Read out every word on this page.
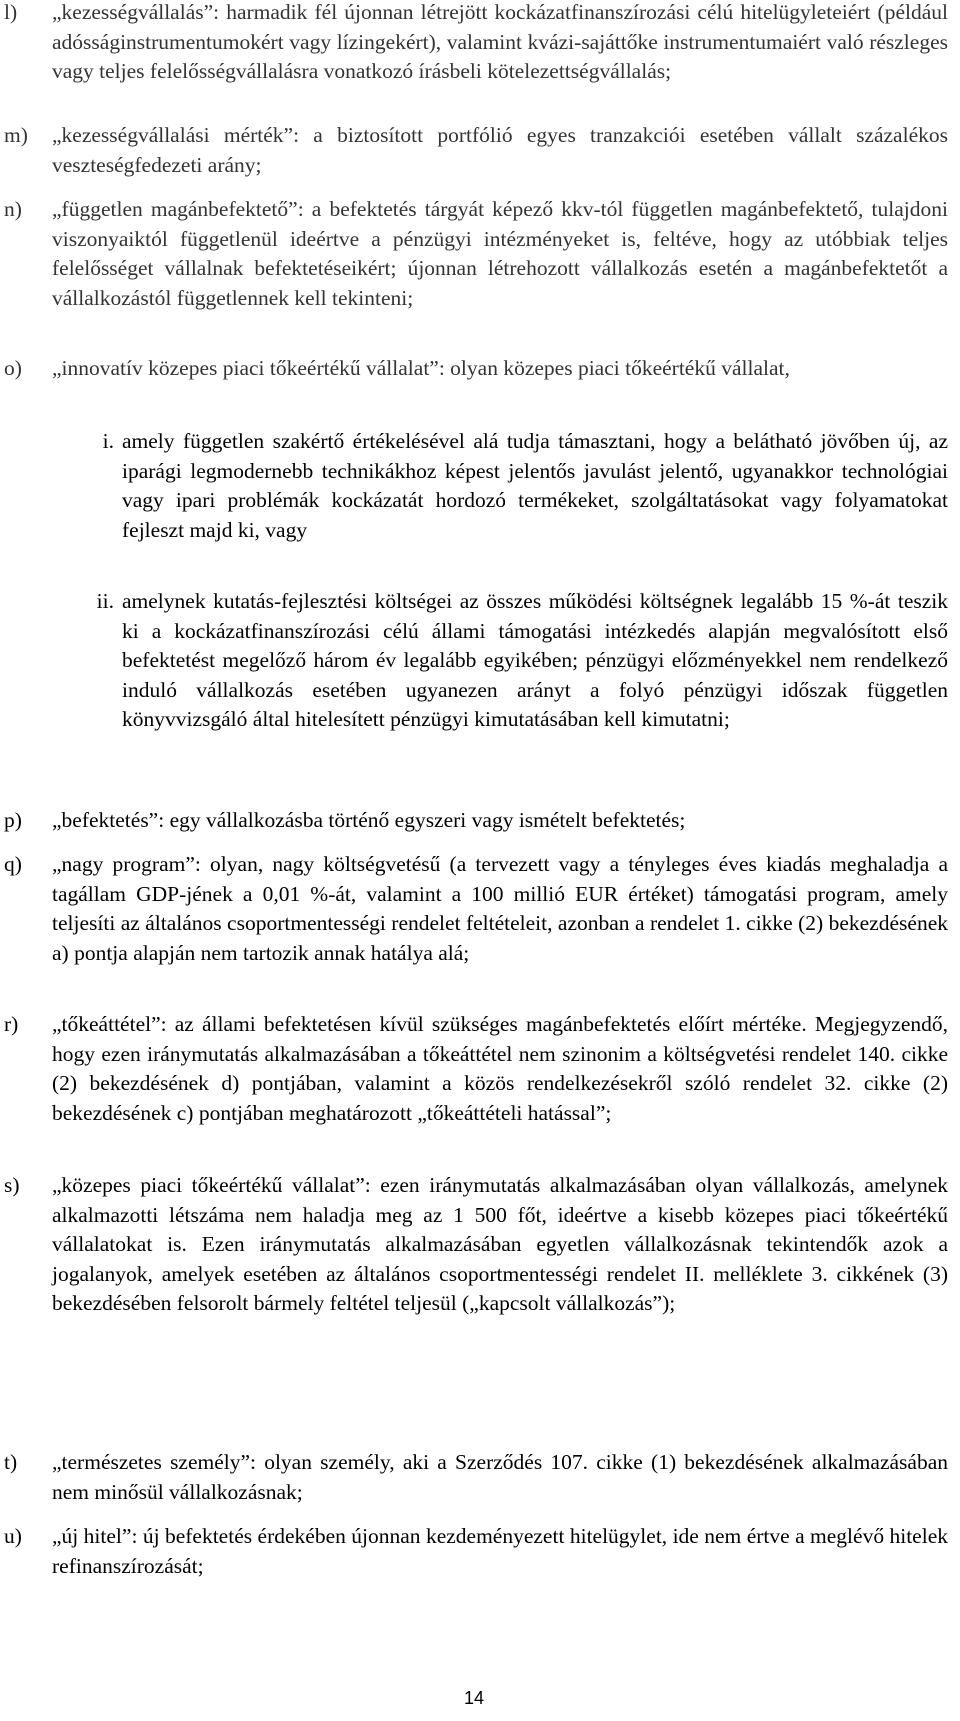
l) „kezességvállalás”: harmadik fél újonnan létrejött kockázatfinanszírozási célú hitelügyleteiért (például adósságinstrumentumokért vagy lízingekért), valamint kvázi-sajáttőke instrumentumaiért való részleges vagy teljes felelősségvállalásra vonatkozó írásbeli kötelezettségvállalás;
m) „kezességvállalási mérték”: a biztosított portfólió egyes tranzakciói esetében vállalt százalékos veszteségfedezeti arány;
n) „független magánbefektető”: a befektetés tárgyát képező kkv-tól független magánbefektető, tulajdoni viszonyaiktól függetlenül ideértve a pénzügyi intézményeket is, feltéve, hogy az utóbbiak teljes felelősséget vállalnak befektetéseikért; újonnan létrehozott vállalkozás esetén a magánbefektetőt a vállalkozástól függetlennek kell tekinteni;
o) „innovatív közepes piaci tőkeértékű vállalat”: olyan közepes piaci tőkeértékű vállalat,
i. amely független szakértő értékelésével alá tudja támasztani, hogy a belátható jövőben új, az iparági legmodernebb technikákhoz képest jelentős javulást jelentő, ugyanakkor technológiai vagy ipari problémák kockázatát hordozó termékeket, szolgáltatásokat vagy folyamatokat fejleszt majd ki, vagy
ii. amelynek kutatás-fejlesztési költségei az összes működési költségnek legalább 15 %-át teszik ki a kockázatfinanszírozási célú állami támogatási intézkedés alapján megvalósított első befektetést megelőző három év legalább egyikében; pénzügyi előzményekkel nem rendelkező induló vállalkozás esetében ugyanezen arányt a folyó pénzügyi időszak független könyvvizsgáló által hitelesített pénzügyi kimutatásában kell kimutatni;
p) „befektetés”: egy vállalkozásba történő egyszeri vagy ismételt befektetés;
q) „nagy program”: olyan, nagy költségvetésű (a tervezett vagy a tényleges éves kiadás meghaladja a tagállam GDP-jének a 0,01 %-át, valamint a 100 millió EUR értéket) támogatási program, amely teljesíti az általános csoportmentességi rendelet feltételeit, azonban a rendelet 1. cikke (2) bekezdésének a) pontja alapján nem tartozik annak hatálya alá;
r) „tőkeáttétel”: az állami befektetésen kívül szükséges magánbefektetés előírt mértéke. Megjegyzendő, hogy ezen iránymutatás alkalmazásában a tőkeáttétel nem szinonim a költségvetési rendelet 140. cikke (2) bekezdésének d) pontjában, valamint a közös rendelkezésekről szóló rendelet 32. cikke (2) bekezdésének c) pontjában meghatározott „tőkeáttételi hatással”;
s) „közepes piaci tőkeértékű vállalat”: ezen iránymutatás alkalmazásában olyan vállalkozás, amelynek alkalmazotti létszáma nem haladja meg az 1 500 főt, ideértve a kisebb közepes piaci tőkeértékű vállalatokat is. Ezen iránymutatás alkalmazásában egyetlen vállalkozásnak tekintendők azok a jogalanyok, amelyek esetében az általános csoportmentességi rendelet II. melléklete 3. cikkének (3) bekezdésében felsorolt bármely feltétel teljesül („kapcsolt vállalkozás”);
t) „természetes személy”: olyan személy, aki a Szerződés 107. cikke (1) bekezdésének alkalmazásában nem minősül vállalkozásnak;
u) „új hitel”: új befektetés érdekében újonnan kezdeményezett hitelügylet, ide nem értve a meglévő hitelek refinanszírozását;
14
